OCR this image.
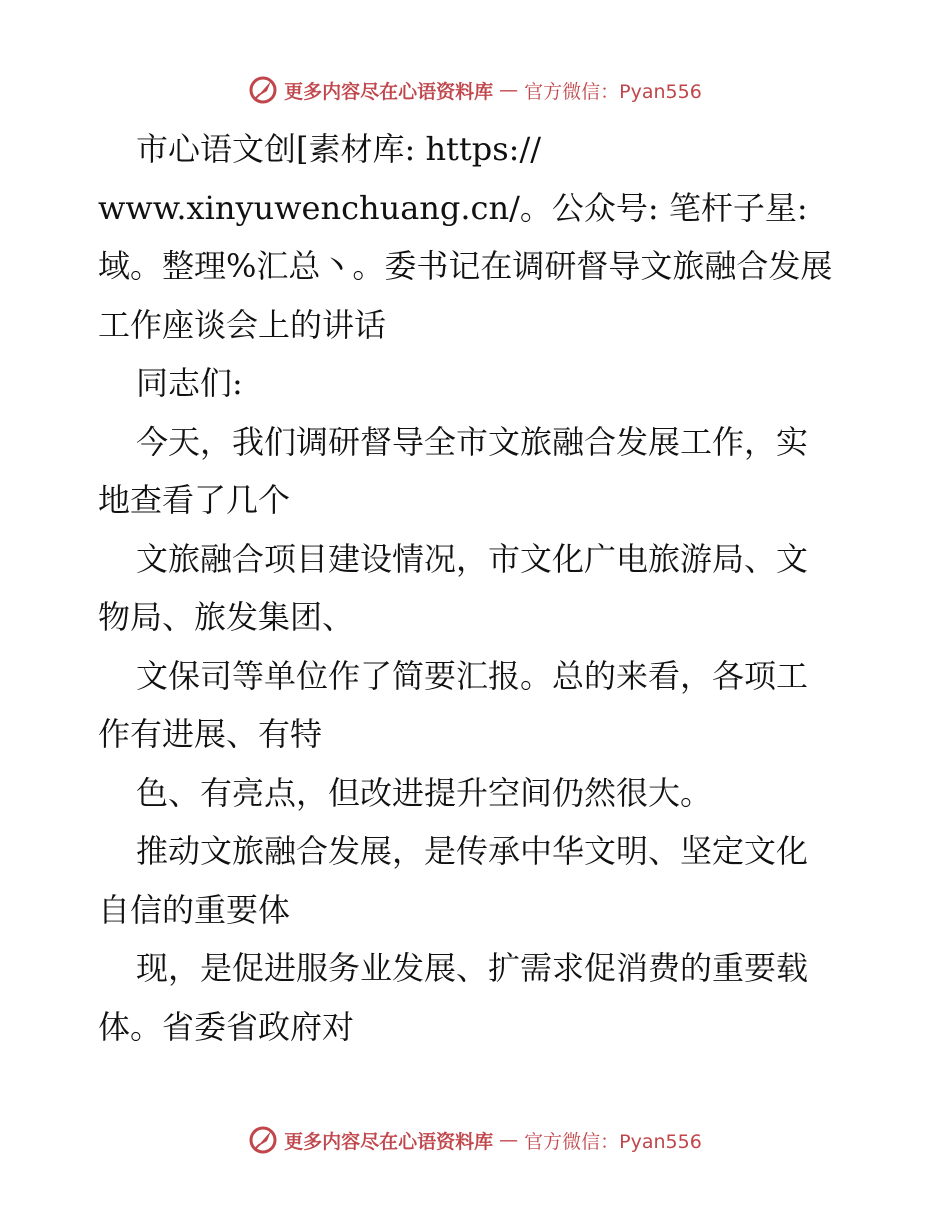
更多内容尽在心语资料库 — 官方微信：Pyan556
市心语文创[素材库: https://
www.xinyuwenchuang.cn/。公众号: 笔杆子星:
域。整理%汇总丶。委书记在调研督导文旅融合发展
工作座谈会上的讲话
同志们:
今天，我们调研督导全市文旅融合发展工作，实
地查看了几个
文旅融合项目建设情况，市文化广电旅游局、文
物局、旅发集团、
文保司等单位作了简要汇报。总的来看，各项工
作有进展、有特
色、有亮点，但改进提升空间仍然很大。
推动文旅融合发展，是传承中华文明、坚定文化
自信的重要体
现，是促进服务业发展、扩需求促消费的重要载
体。省委省政府对
更多内容尽在心语资料库 — 官方微信：Pyan556
